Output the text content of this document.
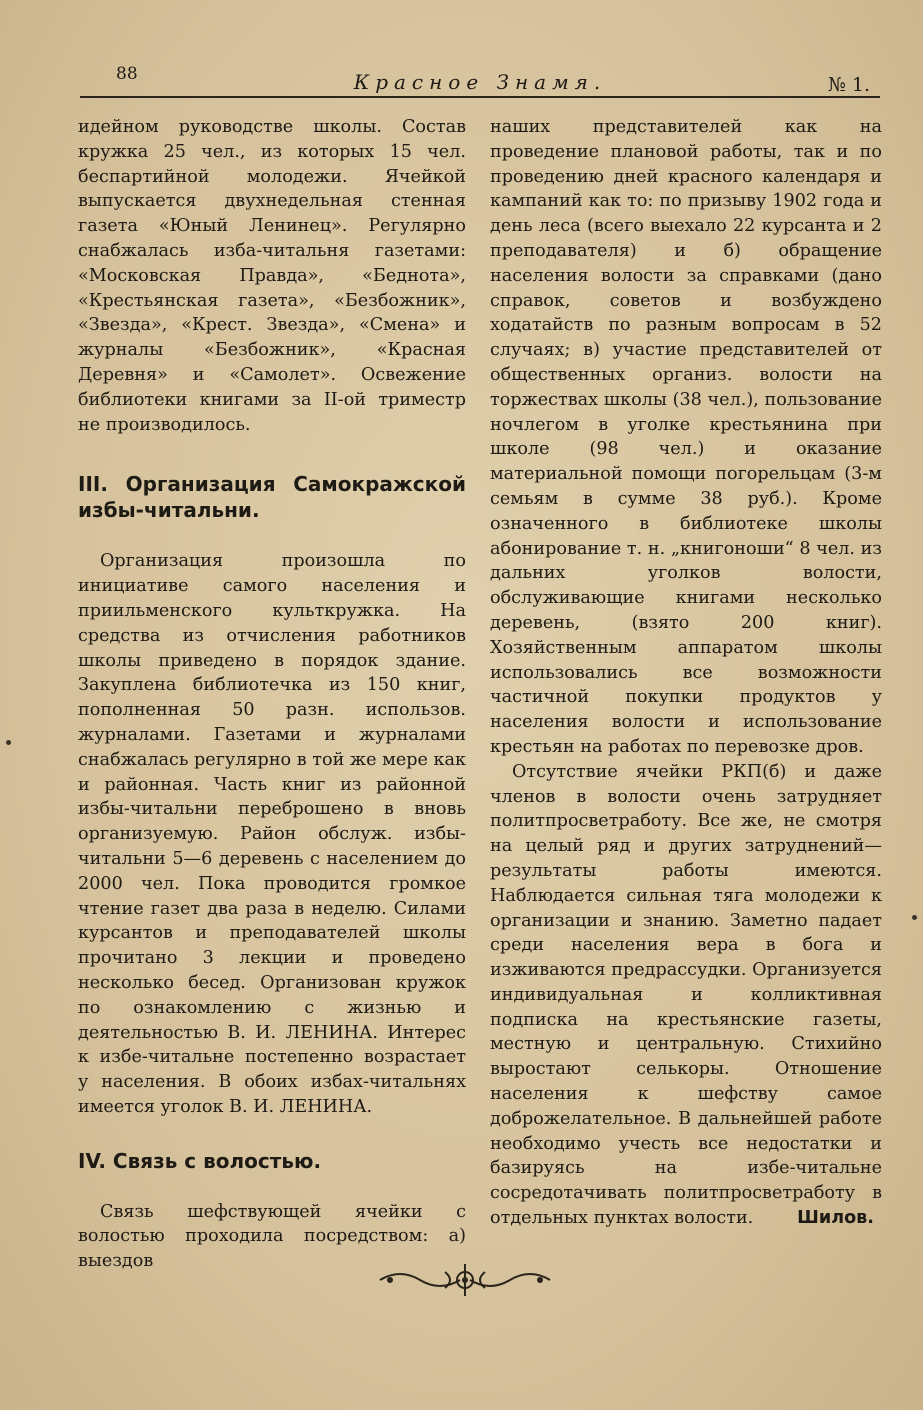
88	Красное Знамя.	№ 1.

идейном руководстве школы. Состав кружка 25 чел., из которых 15 чел. беспартийной молодежи. Ячейкой выпускается двухнедельная стенная газета «Юный Ленинец». Регулярно снабжалась изба-читальня газетами: «Московская Правда», «Беднота», «Крестьянская газета», «Безбожник», «Звезда», «Крест. Звезда», «Смена» и журналы «Безбожник», «Красная Деревня» и «Самолет». Освежение библиотеки книгами за II-ой триместр не производилось.

III. Организация Самокражской избы-читальни.

Организация произошла по инициативе самого населения и приильменского культкружка. На средства из отчисления работников школы приведено в порядок здание. Закуплена библиотечка из 150 книг, пополненная 50 разн. использов. журналами. Газетами и журналами снабжалась регулярно в той же мере как и районная. Часть книг из районной избы-читальни переброшено в вновь организуемую. Район обслуж. избы-читальни 5—6 деревень с населением до 2000 чел. Пока проводится громкое чтение газет два раза в неделю. Силами курсантов и преподавателей школы прочитано 3 лекции и проведено несколько бесед. Организован кружок по ознакомлению с жизнью и деятельностью В. И. ЛЕНИНА. Интерес к избе-читальне постепенно возрастает у населения. В обоих избах-читальнях имеется уголок В. И. ЛЕНИНА.

IV. Связь с волостью.

Связь шефствующей ячейки с волостью проходила посредством: а) выездов

наших представителей как на проведение плановой работы, так и по проведению дней красного календаря и кампаний как то: по призыву 1902 года и день леса (всего выехало 22 курсанта и 2 преподавателя) и б) обращение населения волости за справками (дано справок, советов и возбуждено ходатайств по разным вопросам в 52 случаях; в) участие представителей от общественных организ. волости на торжествах школы (38 чел.), пользование ночлегом в уголке крестьянина при школе (98 чел.) и оказание материальной помощи погорельцам (3-м семьям в сумме 38 руб.). Кроме означенного в библиотеке школы абонирование т. н. „книгоноши“ 8 чел. из дальних уголков волости, обслуживающие книгами несколько деревень, (взято 200 книг). Хозяйственным аппаратом школы использовались все возможности частичной покупки продуктов у населения волости и использование крестьян на работах по перевозке дров.

Отсутствие ячейки РКП(б) и даже членов в волости очень затрудняет политпросветработу. Все же, не смотря на целый ряд и других затруднений—результаты работы имеются. Наблюдается сильная тяга молодежи к организации и знанию. Заметно падает среди населения вера в бога и изживаются предрассудки. Организуется индивидуальная и колликтивная подписка на крестьянские газеты, местную и центральную. Стихийно выростают селькоры. Отношение населения к шефству самое доброжелательное. В дальнейшей работе необходимо учесть все недостатки и базируясь на избе-читальне сосредотачивать политпросветработу в отдельных пунктах волости.	Шилов.
